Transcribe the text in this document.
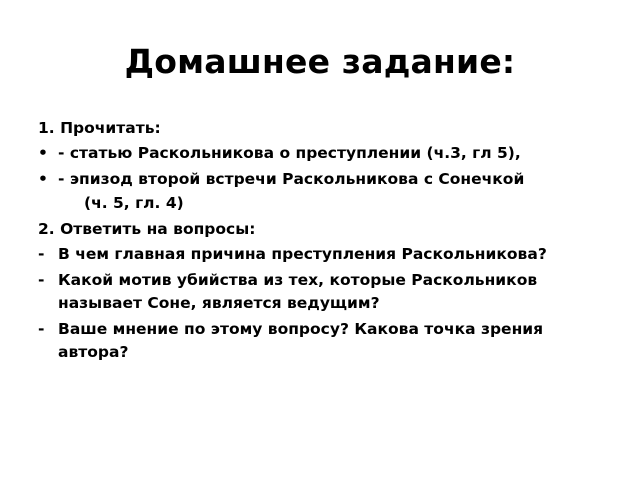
Домашнее задание:
1. Прочитать:
• - статью Раскольникова о преступлении (ч.3, гл 5),
• - эпизод второй встречи Раскольникова с Сонечкой
(ч. 5, гл. 4)
2. Ответить на вопросы:
- В чем главная причина преступления Раскольникова?
- Какой мотив убийства из тех, которые Раскольников называет Соне, является ведущим?
- Ваше мнение по этому вопросу? Какова точка зрения автора?
